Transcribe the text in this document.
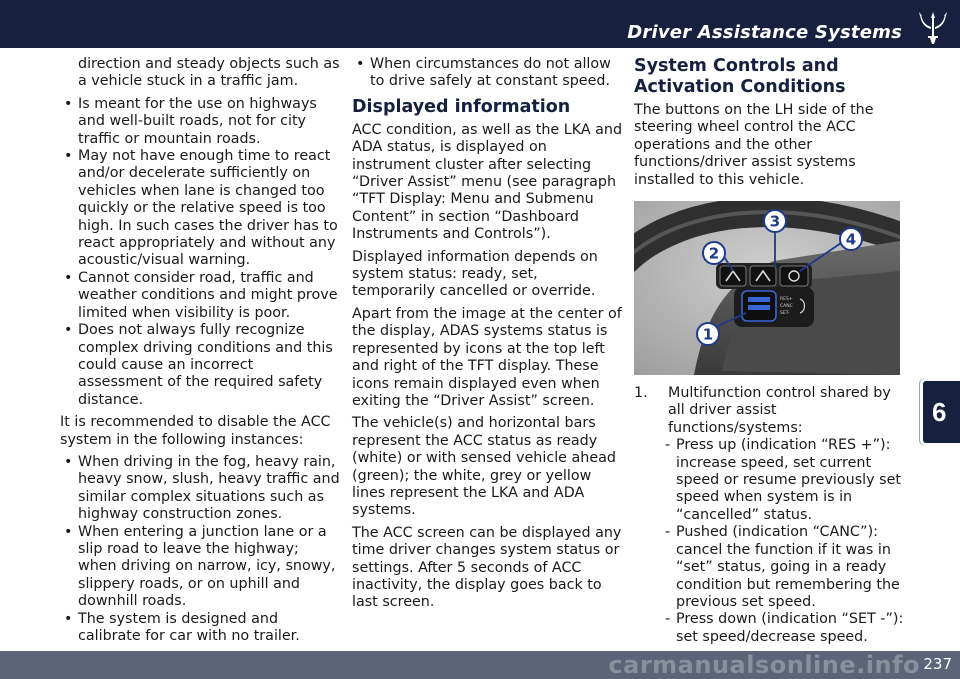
Driver Assistance Systems
direction and steady objects such as a vehicle stuck in a traffic jam.
• Is meant for the use on highways and well-built roads, not for city traffic or mountain roads.
• May not have enough time to react and/or decelerate sufficiently on vehicles when lane is changed too quickly or the relative speed is too high. In such cases the driver has to react appropriately and without any acoustic/visual warning.
• Cannot consider road, traffic and weather conditions and might prove limited when visibility is poor.
• Does not always fully recognize complex driving conditions and this could cause an incorrect assessment of the required safety distance.

It is recommended to disable the ACC system in the following instances:

• When driving in the fog, heavy rain, heavy snow, slush, heavy traffic and similar complex situations such as highway construction zones.
• When entering a junction lane or a slip road to leave the highway; when driving on narrow, icy, snowy, slippery roads, or on uphill and downhill roads.
• The system is designed and calibrate for car with no trailer.
• When circumstances do not allow to drive safely at constant speed.
Displayed information

ACC condition, as well as the LKA and ADA status, is displayed on instrument cluster after selecting “Driver Assist” menu (see paragraph “TFT Display: Menu and Submenu Content” in section “Dashboard Instruments and Controls”).

Displayed information depends on system status: ready, set, temporarily cancelled or override.

Apart from the image at the center of the display, ADAS systems status is represented by icons at the top left and right of the TFT display. These icons remain displayed even when exiting the “Driver Assist” screen.

The vehicle(s) and horizontal bars represent the ACC status as ready (white) or with sensed vehicle ahead (green); the white, grey or yellow lines represent the LKA and ADA systems.

The ACC screen can be displayed any time driver changes system status or settings. After 5 seconds of ACC inactivity, the display goes back to last screen.

System Controls and Activation Conditions

The buttons on the LH side of the steering wheel control the ACC operations and the other functions/driver assist systems installed to this vehicle.

RES+
CANC
SET-
2
3
4
1
1. Multifunction control shared by all driver assist functions/systems:
- Press up (indication “RES +”): increase speed, set current speed or resume previously set speed when system is in “cancelled” status.
- Pushed (indication “CANC”): cancel the function if it was in “set” status, going in a ready condition but remembering the previous set speed.
- Press down (indication “SET -”): set speed/decrease speed.
6
carmanualsonline.info 237
